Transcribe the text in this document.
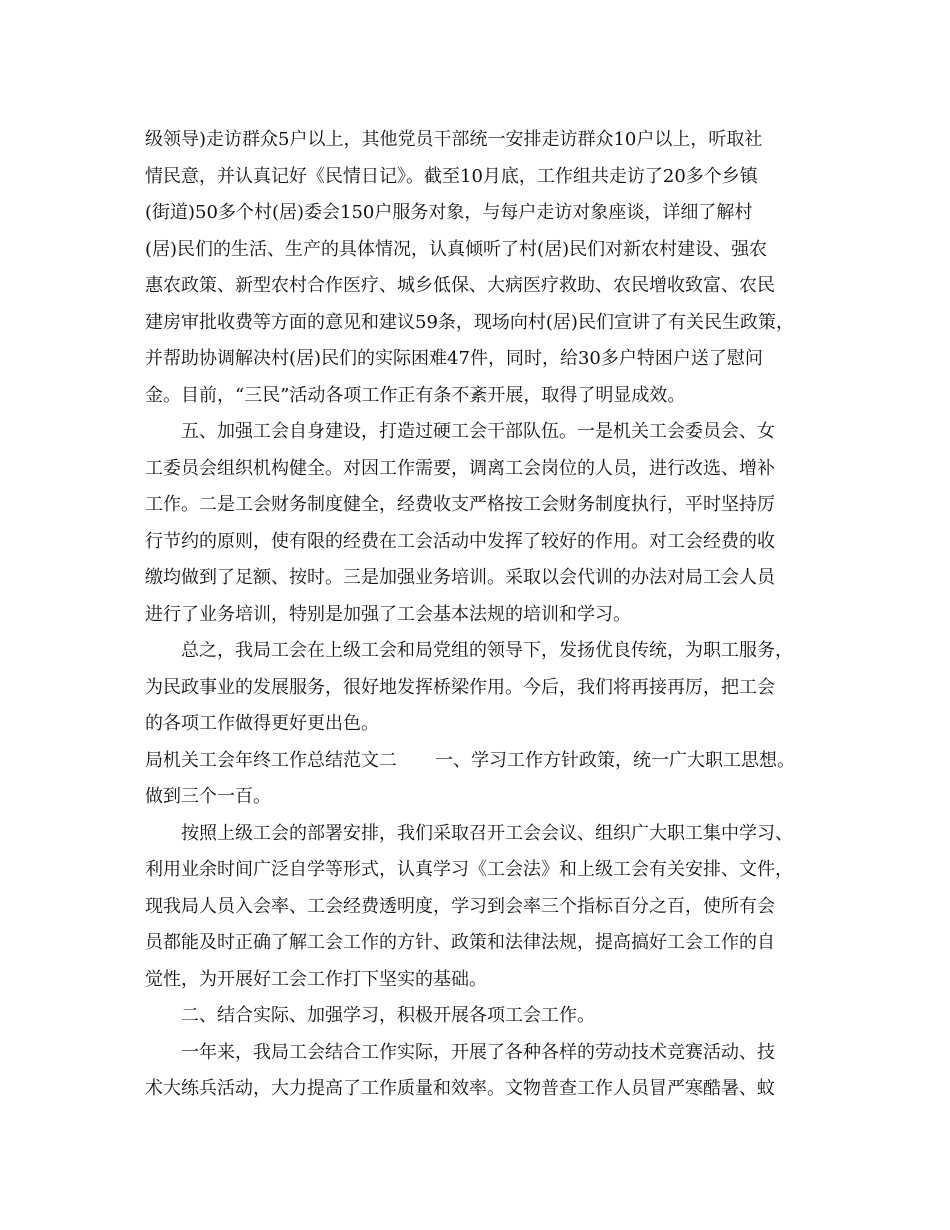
级领导)走访群众5户以上，其他党员干部统一安排走访群众10户以上，听取社
情民意，并认真记好《民情日记》。截至10月底，工作组共走访了20多个乡镇
(街道)50多个村(居)委会150户服务对象，与每户走访对象座谈，详细了解村
(居)民们的生活、生产的具体情况，认真倾听了村(居)民们对新农村建设、强农
惠农政策、新型农村合作医疗、城乡低保、大病医疗救助、农民增收致富、农民
建房审批收费等方面的意见和建议59条，现场向村(居)民们宣讲了有关民生政策，
并帮助协调解决村(居)民们的实际困难47件，同时，给30多户特困户送了慰问
金。目前，“三民”活动各项工作正有条不紊开展，取得了明显成效。
五、加强工会自身建设，打造过硬工会干部队伍。一是机关工会委员会、女
工委员会组织机构健全。对因工作需要，调离工会岗位的人员，进行改选、增补
工作。二是工会财务制度健全，经费收支严格按工会财务制度执行，平时坚持厉
行节约的原则，使有限的经费在工会活动中发挥了较好的作用。对工会经费的收
缴均做到了足额、按时。三是加强业务培训。采取以会代训的办法对局工会人员
进行了业务培训，特别是加强了工会基本法规的培训和学习。
总之，我局工会在上级工会和局党组的领导下，发扬优良传统，为职工服务，
为民政事业的发展服务，很好地发挥桥梁作用。今后，我们将再接再厉，把工会
的各项工作做得更好更出色。
局机关工会年终工作总结范文二 一、学习工作方针政策，统一广大职工思想。
做到三个一百。
按照上级工会的部署安排，我们采取召开工会会议、组织广大职工集中学习、
利用业余时间广泛自学等形式，认真学习《工会法》和上级工会有关安排、文件，
现我局人员入会率、工会经费透明度，学习到会率三个指标百分之百，使所有会
员都能及时正确了解工会工作的方针、政策和法律法规，提高搞好工会工作的自
觉性，为开展好工会工作打下坚实的基础。
二、结合实际、加强学习，积极开展各项工会工作。
一年来，我局工会结合工作实际，开展了各种各样的劳动技术竞赛活动、技
术大练兵活动，大力提高了工作质量和效率。文物普查工作人员冒严寒酷暑、蚊
